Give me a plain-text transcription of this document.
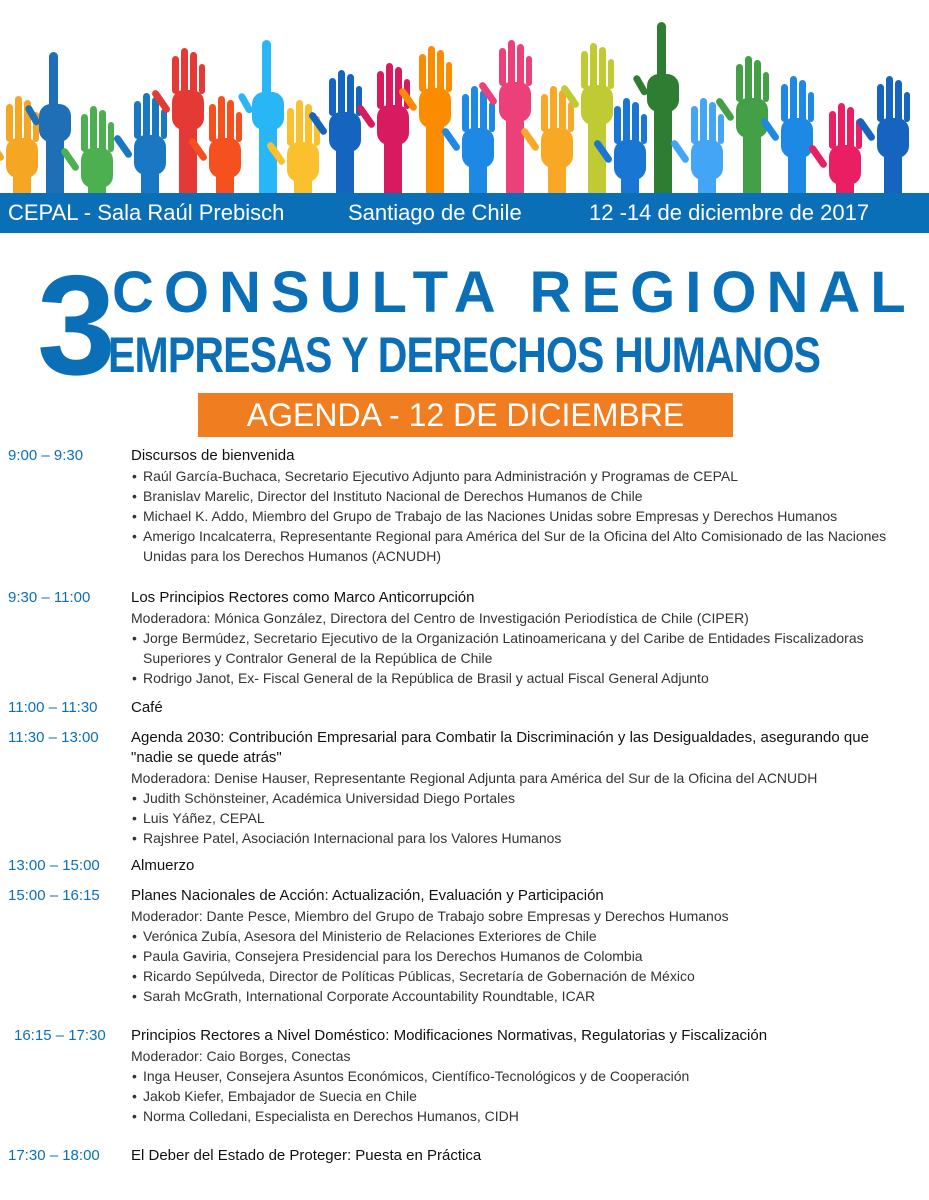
CEPAL - Sala Raúl Prebisch	Santiago de Chile	12 -14 de diciembre de 2017
3 CONSULTA REGIONAL
EMPRESAS Y DERECHOS HUMANOS
AGENDA - 12 DE DICIEMBRE
9:00 – 9:30	Discursos de bienvenida
• Raúl García-Buchaca, Secretario Ejecutivo Adjunto para Administración y Programas de CEPAL
• Branislav Marelic, Director del Instituto Nacional de Derechos Humanos de Chile
• Michael K. Addo, Miembro del Grupo de Trabajo de las Naciones Unidas sobre Empresas y Derechos Humanos
• Amerigo Incalcaterra, Representante Regional para América del Sur de la Oficina del Alto Comisionado de las Naciones Unidas para los Derechos Humanos (ACNUDH)
9:30 – 11:00	Los Principios Rectores como Marco Anticorrupción
Moderadora: Mónica González, Directora del Centro de Investigación Periodística de Chile (CIPER)
• Jorge Bermúdez, Secretario Ejecutivo de la Organización Latinoamericana y del Caribe de Entidades Fiscalizadoras Superiores y Contralor General de la República de Chile
• Rodrigo Janot, Ex- Fiscal General de la República de Brasil y actual Fiscal General Adjunto
11:00 – 11:30 Café
11:30 – 13:00 Agenda 2030: Contribución Empresarial para Combatir la Discriminación y las Desigualdades, asegurando que "nadie se quede atrás"
Moderadora: Denise Hauser, Representante Regional Adjunta para América del Sur de la Oficina del ACNUDH
• Judith Schönsteiner, Académica Universidad Diego Portales
• Luis Yáñez, CEPAL
• Rajshree Patel, Asociación Internacional para los Valores Humanos
13:00 – 15:00 Almuerzo
15:00 – 16:15 Planes Nacionales de Acción: Actualización, Evaluación y Participación
Moderador: Dante Pesce, Miembro del Grupo de Trabajo sobre Empresas y Derechos Humanos
• Verónica Zubía, Asesora del Ministerio de Relaciones Exteriores de Chile
• Paula Gaviria, Consejera Presidencial para los Derechos Humanos de Colombia
• Ricardo Sepúlveda, Director de Políticas Públicas, Secretaría de Gobernación de México
• Sarah McGrath, International Corporate Accountability Roundtable, ICAR
16:15 – 17:30 Principios Rectores a Nivel Doméstico: Modificaciones Normativas, Regulatorias y Fiscalización
Moderador: Caio Borges, Conectas
• Inga Heuser, Consejera Asuntos Económicos, Científico-Tecnológicos y de Cooperación
• Jakob Kiefer, Embajador de Suecia en Chile
• Norma Colledani, Especialista en Derechos Humanos, CIDH
17:30 – 18:00 El Deber del Estado de Proteger: Puesta en Práctica
